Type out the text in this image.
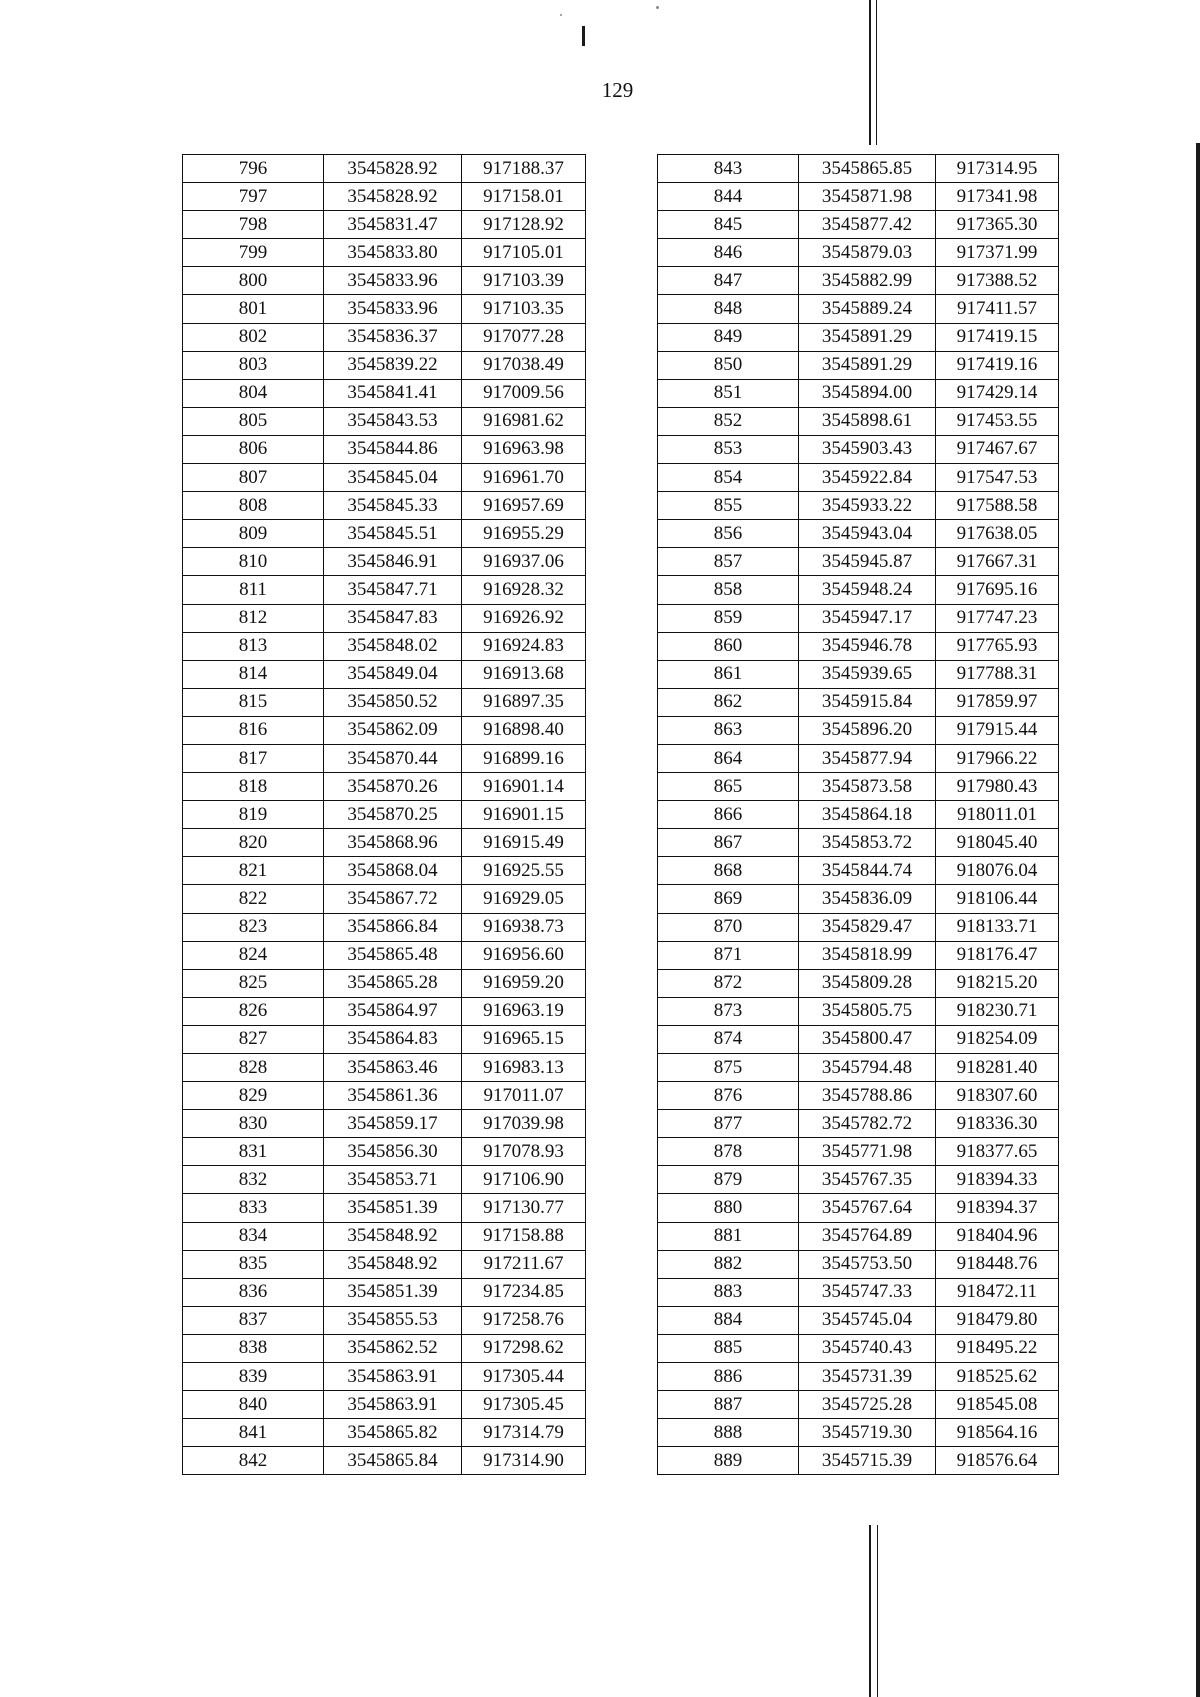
129
796	3545828.92	917188.37
797	3545828.92	917158.01
798	3545831.47	917128.92
799	3545833.80	917105.01
800	3545833.96	917103.39
801	3545833.96	917103.35
802	3545836.37	917077.28
803	3545839.22	917038.49
804	3545841.41	917009.56
805	3545843.53	916981.62
806	3545844.86	916963.98
807	3545845.04	916961.70
808	3545845.33	916957.69
809	3545845.51	916955.29
810	3545846.91	916937.06
811	3545847.71	916928.32
812	3545847.83	916926.92
813	3545848.02	916924.83
814	3545849.04	916913.68
815	3545850.52	916897.35
816	3545862.09	916898.40
817	3545870.44	916899.16
818	3545870.26	916901.14
819	3545870.25	916901.15
820	3545868.96	916915.49
821	3545868.04	916925.55
822	3545867.72	916929.05
823	3545866.84	916938.73
824	3545865.48	916956.60
825	3545865.28	916959.20
826	3545864.97	916963.19
827	3545864.83	916965.15
828	3545863.46	916983.13
829	3545861.36	917011.07
830	3545859.17	917039.98
831	3545856.30	917078.93
832	3545853.71	917106.90
833	3545851.39	917130.77
834	3545848.92	917158.88
835	3545848.92	917211.67
836	3545851.39	917234.85
837	3545855.53	917258.76
838	3545862.52	917298.62
839	3545863.91	917305.44
840	3545863.91	917305.45
841	3545865.82	917314.79
842	3545865.84	917314.90
843	3545865.85	917314.95
844	3545871.98	917341.98
845	3545877.42	917365.30
846	3545879.03	917371.99
847	3545882.99	917388.52
848	3545889.24	917411.57
849	3545891.29	917419.15
850	3545891.29	917419.16
851	3545894.00	917429.14
852	3545898.61	917453.55
853	3545903.43	917467.67
854	3545922.84	917547.53
855	3545933.22	917588.58
856	3545943.04	917638.05
857	3545945.87	917667.31
858	3545948.24	917695.16
859	3545947.17	917747.23
860	3545946.78	917765.93
861	3545939.65	917788.31
862	3545915.84	917859.97
863	3545896.20	917915.44
864	3545877.94	917966.22
865	3545873.58	917980.43
866	3545864.18	918011.01
867	3545853.72	918045.40
868	3545844.74	918076.04
869	3545836.09	918106.44
870	3545829.47	918133.71
871	3545818.99	918176.47
872	3545809.28	918215.20
873	3545805.75	918230.71
874	3545800.47	918254.09
875	3545794.48	918281.40
876	3545788.86	918307.60
877	3545782.72	918336.30
878	3545771.98	918377.65
879	3545767.35	918394.33
880	3545767.64	918394.37
881	3545764.89	918404.96
882	3545753.50	918448.76
883	3545747.33	918472.11
884	3545745.04	918479.80
885	3545740.43	918495.22
886	3545731.39	918525.62
887	3545725.28	918545.08
888	3545719.30	918564.16
889	3545715.39	918576.64
